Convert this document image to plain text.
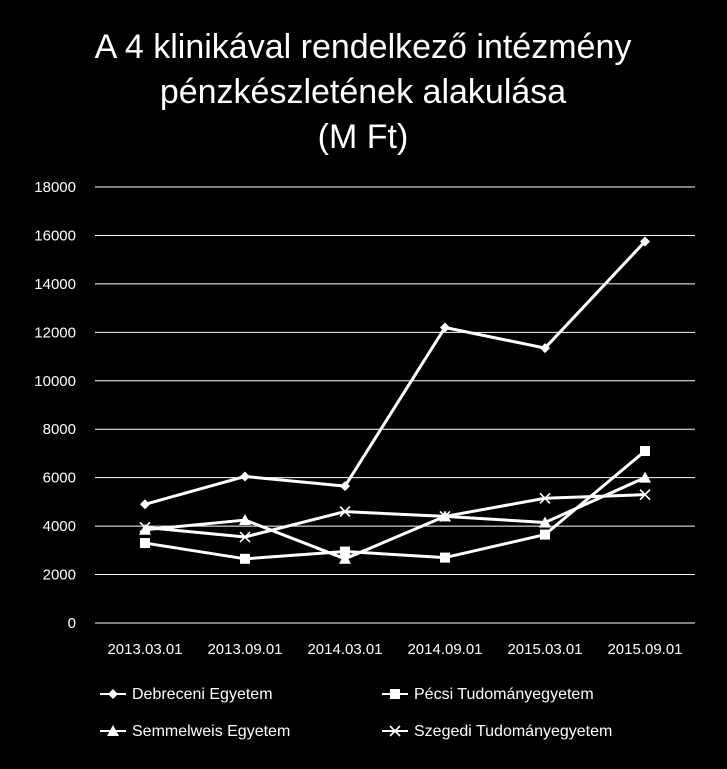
A 4 klinikával rendelkező intézmény
pénzkészletének alakulása
(M Ft)
0
2000
4000
6000
8000
10000
12000
14000
16000
18000
2013.03.01 2013.09.01 2014.03.01 2014.09.01 2015.03.01 2015.09.01
Debreceni Egyetem	Pécsi Tudományegyetem
Semmelweis Egyetem	Szegedi Tudományegyetem
